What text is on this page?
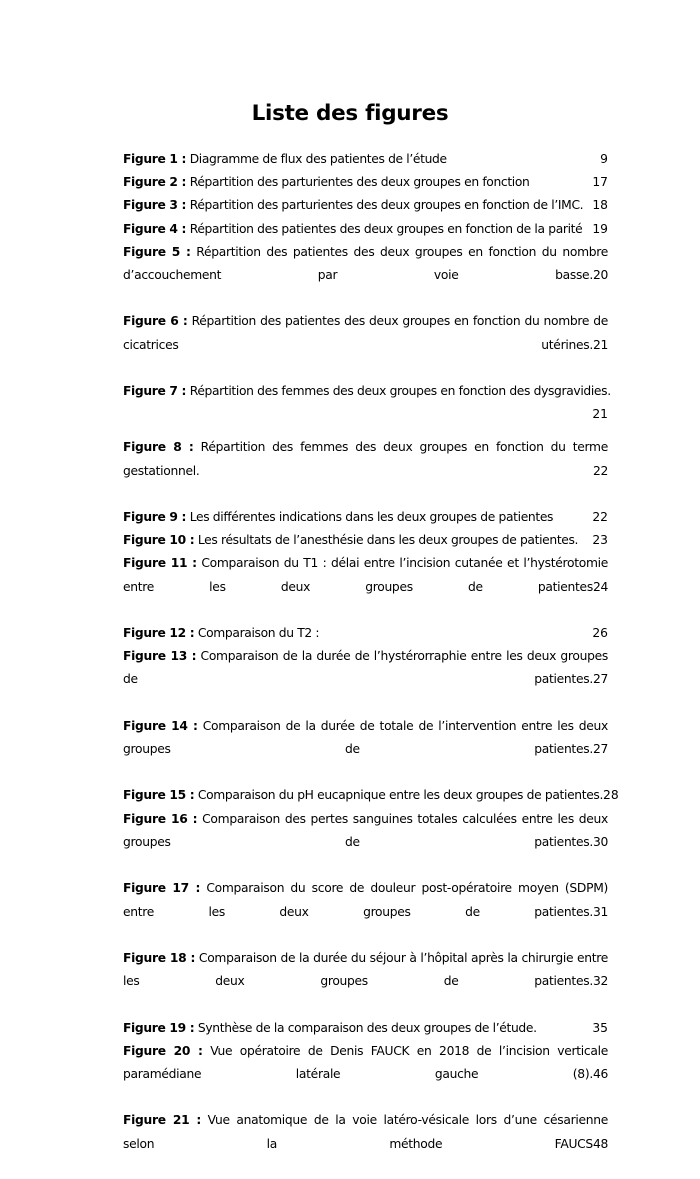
Liste des figures
Figure 1 : Diagramme de flux des patientes de l’étude	9
Figure 2 : Répartition des parturientes des deux groupes en fonction	17
Figure 3 : Répartition des parturientes des deux groupes en fonction de l’IMC. 18
Figure 4 : Répartition des patientes des deux groupes en fonction de la parité 19
Figure 5 : Répartition des patientes des deux groupes en fonction du nombre d’accouchement par voie basse. 20
Figure 6 : Répartition des patientes des deux groupes en fonction du nombre de cicatrices utérines. 21
Figure 7 : Répartition des femmes des deux groupes en fonction des dysgravidies.
21
Figure 8 : Répartition des femmes des deux groupes en fonction du terme gestationnel.	22
Figure 9 : Les différentes indications dans les deux groupes de patientes	22
Figure 10 : Les résultats de l’anesthésie dans les deux groupes de patientes.	23
Figure 11 : Comparaison du T1 : délai entre l’incision cutanée et l’hystérotomie entre les deux groupes de patientes 24
Figure 12 : Comparaison du T2 :	26
Figure 13 : Comparaison de la durée de l’hystérorraphie entre les deux groupes de patientes. 27
Figure 14 : Comparaison de la durée de totale de l’intervention entre les deux groupes de patientes. 27
Figure 15 : Comparaison du pH eucapnique entre les deux groupes de patientes. 28
Figure 16 : Comparaison des pertes sanguines totales calculées entre les deux groupes de patientes. 30
Figure 17 : Comparaison du score de douleur post-opératoire moyen (SDPM) entre les deux groupes de patientes. 31
Figure 18 : Comparaison de la durée du séjour à l’hôpital après la chirurgie entre les deux groupes de patientes. 32
Figure 19 : Synthèse de la comparaison des deux groupes de l’étude.	35
Figure 20 : Vue opératoire de Denis FAUCK en 2018 de l’incision verticale paramédiane latérale gauche (8). 46
Figure 21 : Vue anatomique de la voie latéro-vésicale lors d’une césarienne selon la méthode FAUCS 48
